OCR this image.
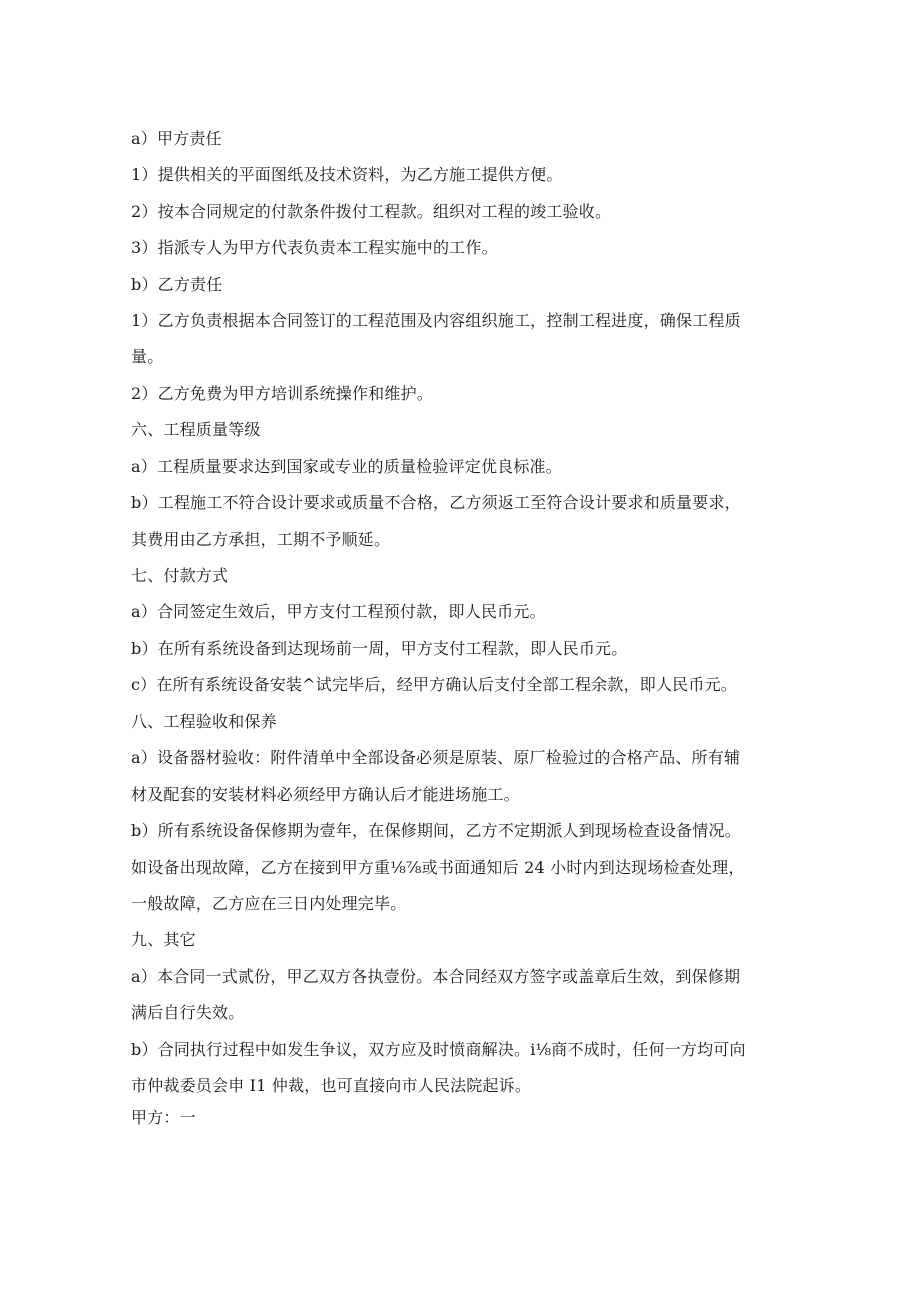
a）甲方责任
1）提供相关的平面图纸及技术资料，为乙方施工提供方便。
2）按本合同规定的付款条件拨付工程款。组织对工程的竣工验收。
3）指派专人为甲方代表负责本工程实施中的工作。
b）乙方责任
1）乙方负责根据本合同签订的工程范围及内容组织施工，控制工程进度，确保工程质
量。
2）乙方免费为甲方培训系统操作和维护。
六、工程质量等级
a）工程质量要求达到国家或专业的质量检验评定优良标准。
b）工程施工不符合设计要求或质量不合格，乙方须返工至符合设计要求和质量要求，
其费用由乙方承担，工期不予顺延。
七、付款方式
a）合同签定生效后，甲方支付工程预付款，即人民币元。
b）在所有系统设备到达现场前一周，甲方支付工程款，即人民币元。
c）在所有系统设备安装^试完毕后，经甲方确认后支付全部工程余款，即人民币元。
八、工程验收和保养
a）设备器材验收：附件清单中全部设备必须是原装、原厂检验过的合格产品、所有辅
材及配套的安装材料必须经甲方确认后才能进场施工。
b）所有系统设备保修期为壹年，在保修期间，乙方不定期派人到现场检查设备情况。
如设备出现故障，乙方在接到甲方重⅛⅞或书面通知后 24 小时内到达现场检查处理，
一般故障，乙方应在三日内处理完毕。
九、其它
a）本合同一式贰份，甲乙双方各执壹份。本合同经双方签字或盖章后生效，到保修期
满后自行失效。
b）合同执行过程中如发生争议，双方应及时愤商解决。i⅛商不成时，任何一方均可向
市仲裁委员会申 I1 仲裁，也可直接向市人民法院起诉。
甲方：一
